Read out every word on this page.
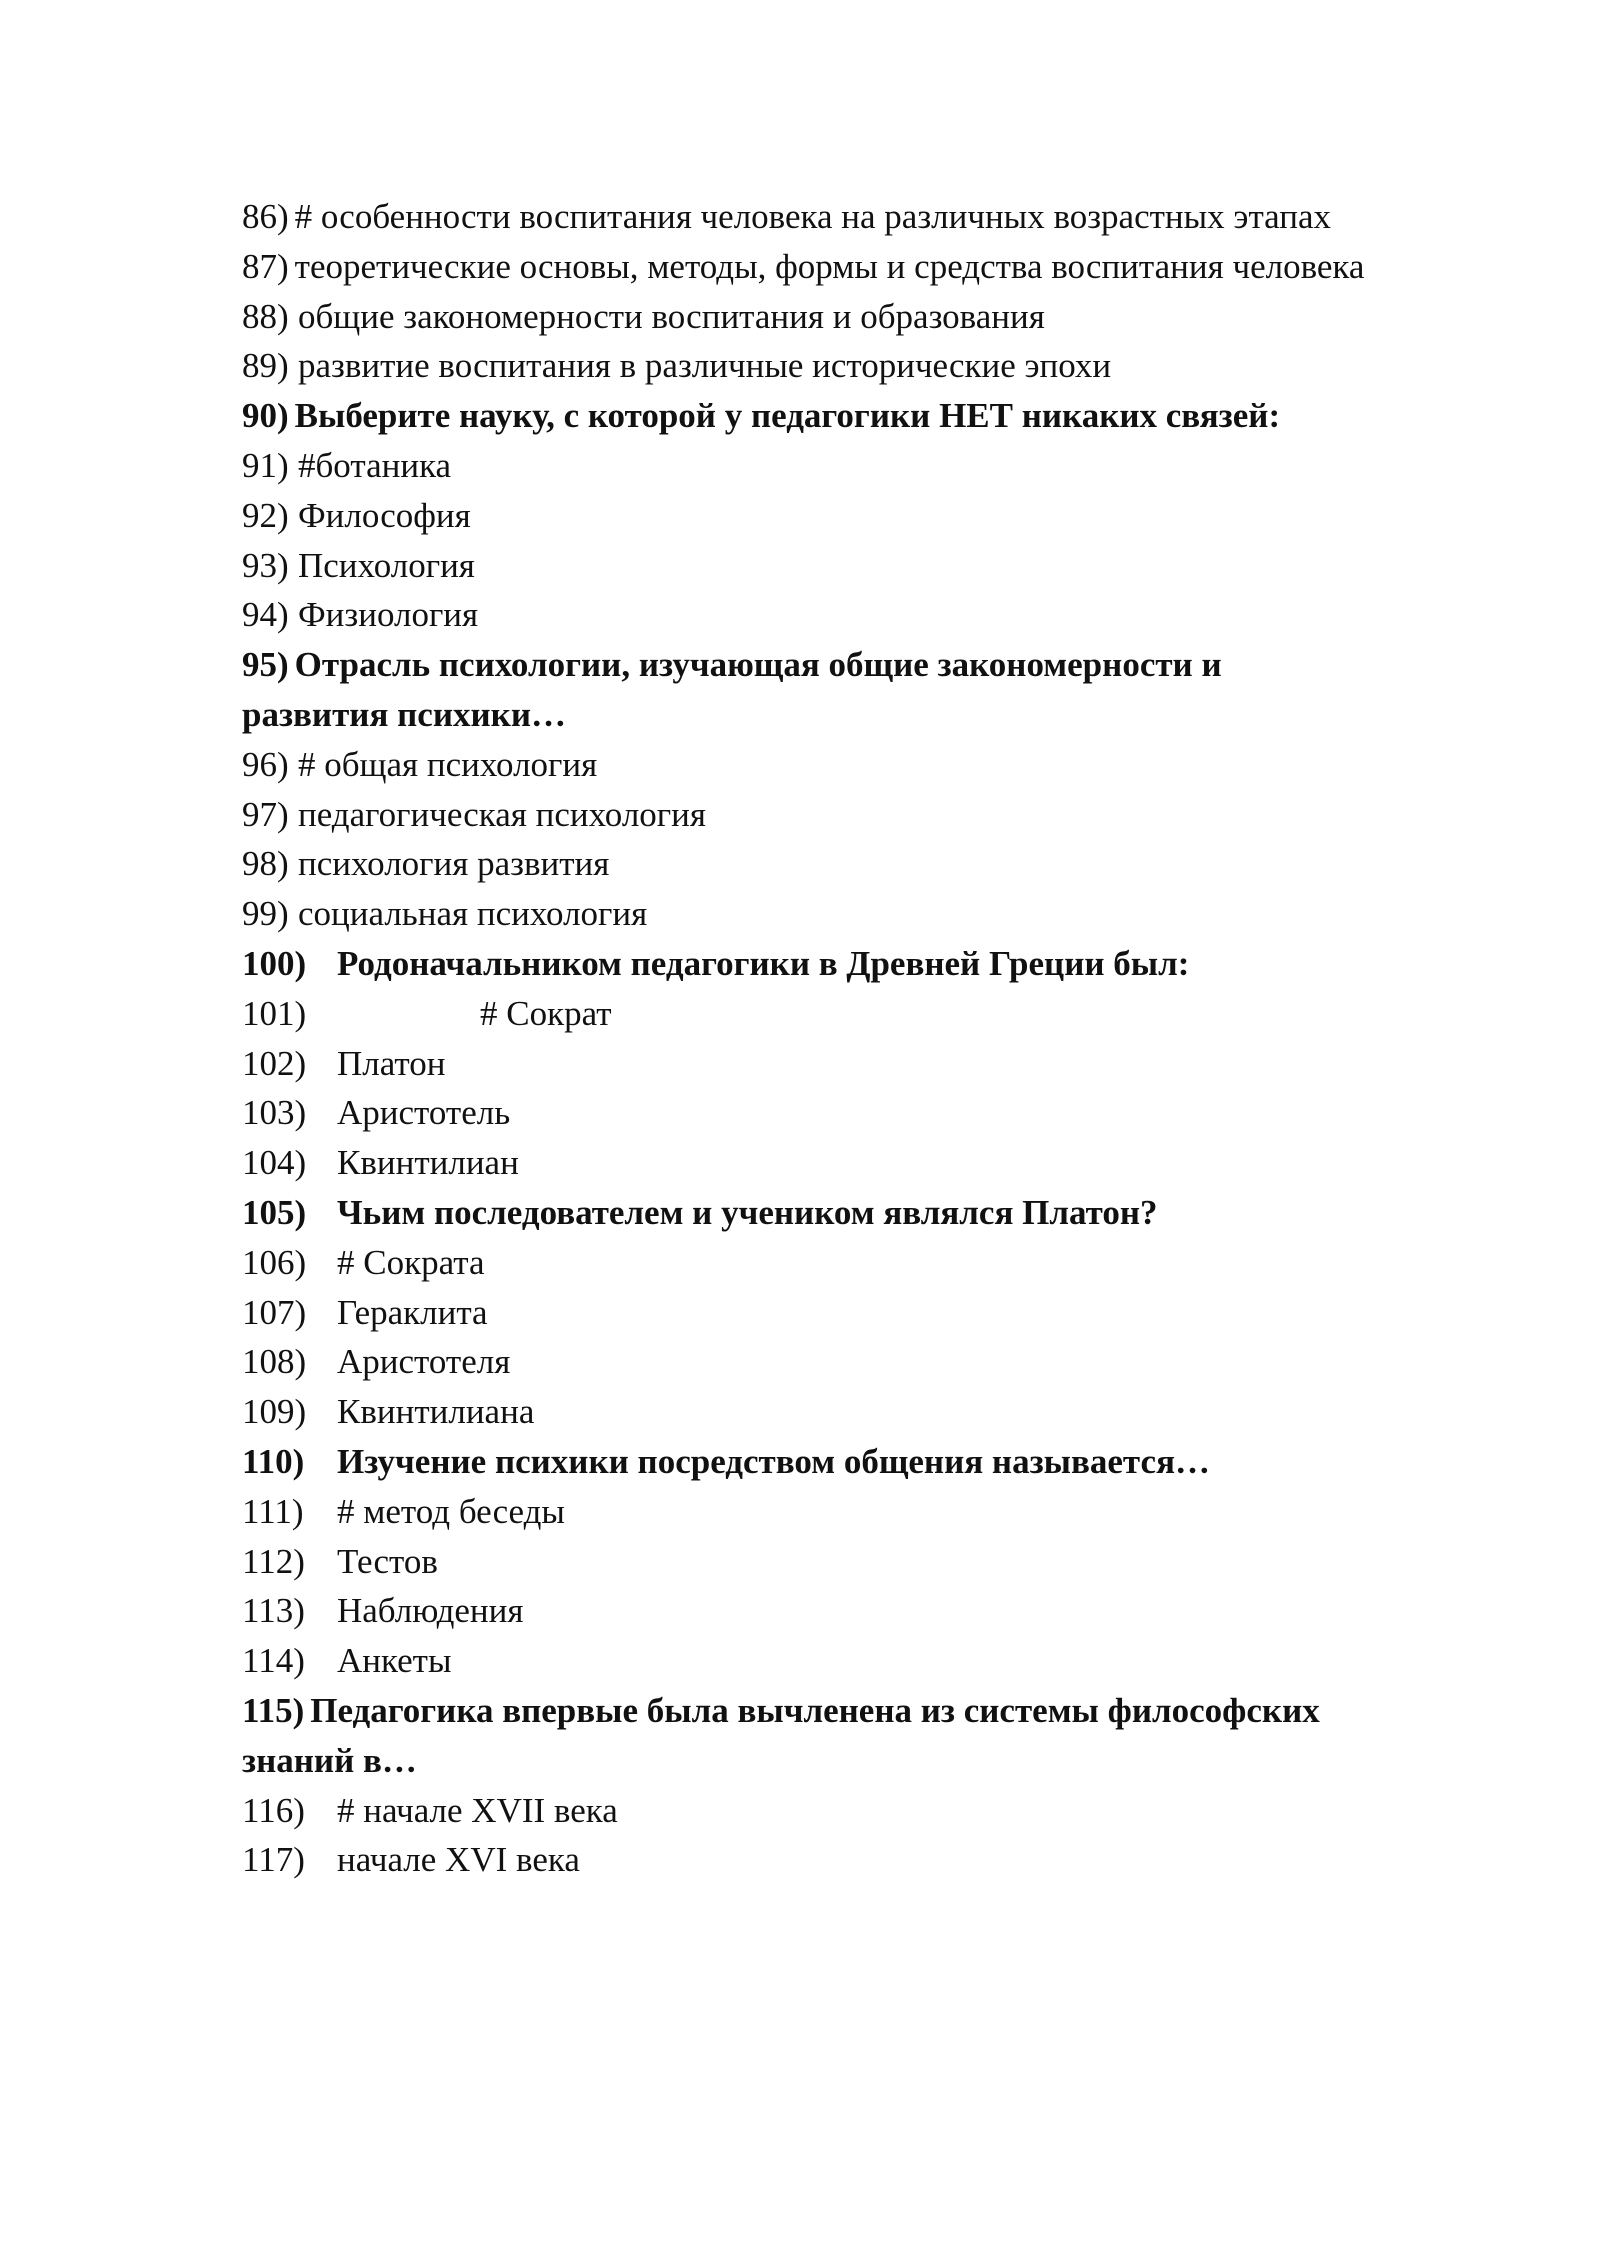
86) # особенности воспитания человека на различных возрастных этапах
87) теоретические основы, методы, формы и средства воспитания человека
88) общие закономерности воспитания и образования
89) развитие воспитания в различные исторические эпохи
90) Выберите науку, с которой у педагогики НЕТ никаких связей:
91) #ботаника
92) Философия
93) Психология
94) Физиология
95) Отрасль психологии, изучающая общие закономерности и развития психики…
96) # общая психология
97) педагогическая психология
98) психология развития
99) социальная психология
100) Родоначальником педагогики в Древней Греции был:
101)	# Сократ
102) Платон
103) Аристотель
104) Квинтилиан
105) Чьим последователем и учеником являлся Платон?
106) # Сократа
107) Гераклита
108) Аристотеля
109) Квинтилиана
110) Изучение психики посредством общения называется…
111) # метод беседы
112) Тестов
113) Наблюдения
114) Анкеты
115) Педагогика впервые была вычленена из системы философских знаний в…
116) # начале XVII века
117) начале XVI века
